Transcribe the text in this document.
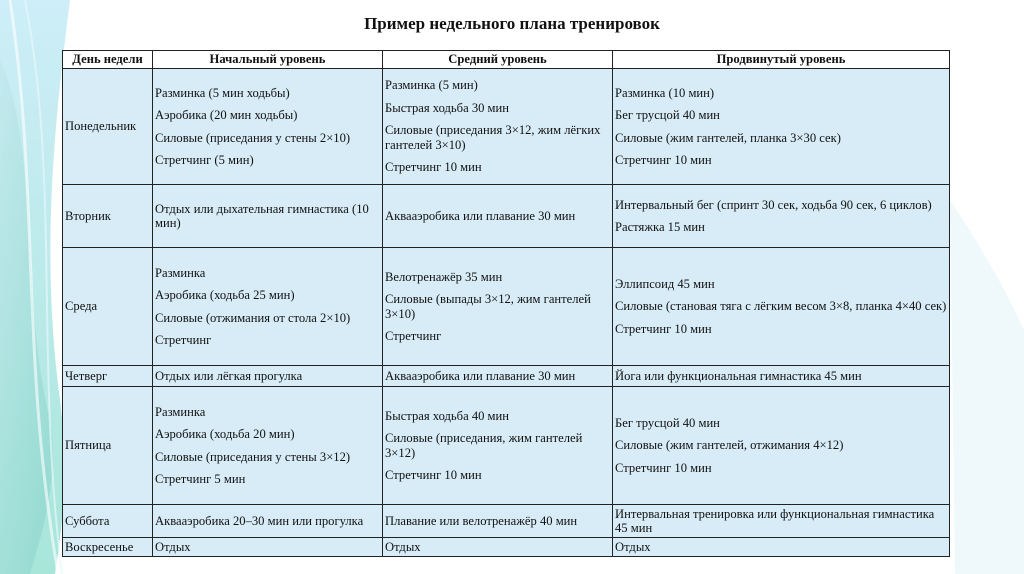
Пример недельного плана тренировок
День недели	Начальный уровень	Средний уровень	Продвинутый уровень
Понедельник	Разминка (5 мин ходьбы)
Аэробика (20 мин ходьбы)
Силовые (приседания у стены 2×10)
Стретчинг (5 мин)	Разминка (5 мин)
Быстрая ходьба 30 мин
Силовые (приседания 3×12, жим лёгких гантелей 3×10)
Стретчинг 10 мин	Разминка (10 мин)
Бег трусцой 40 мин
Силовые (жим гантелей, планка 3×30 сек)
Стретчинг 10 мин

Вторник	Отдых или дыхательная гимнастика (10 мин)	Аквааэробика или плавание 30 мин	Интервальный бег (спринт 30 сек, ходьба 90 сек, 6 циклов)
Растяжка 15 мин

Среда	Разминка
Аэробика (ходьба 25 мин)
Силовые (отжимания от стола 2×10)
Стретчинг	Велотренажёр 35 мин
Силовые (выпады 3×12, жим гантелей 3×10)
Стретчинг	Эллипсоид 45 мин
Силовые (становая тяга с лёгким весом 3×8, планка 4×40 сек)
Стретчинг 10 мин

Четверг	Отдых или лёгкая прогулка	Аквааэробика или плавание 30 мин	Йога или функциональная гимнастика 45 мин

Пятница	Разминка
Аэробика (ходьба 20 мин)
Силовые (приседания у стены 3×12)
Стретчинг 5 мин	Быстрая ходьба 40 мин
Силовые (приседания, жим гантелей 3×12)
Стретчинг 10 мин	Бег трусцой 40 мин
Силовые (жим гантелей, отжимания 4×12)
Стретчинг 10 мин

Суббота	Аквааэробика 20–30 мин или прогулка	Плавание или велотренажёр 40 мин	Интервальная тренировка или функциональная гимнастика 45 мин

Воскресенье	Отдых	Отдых	Отдых
